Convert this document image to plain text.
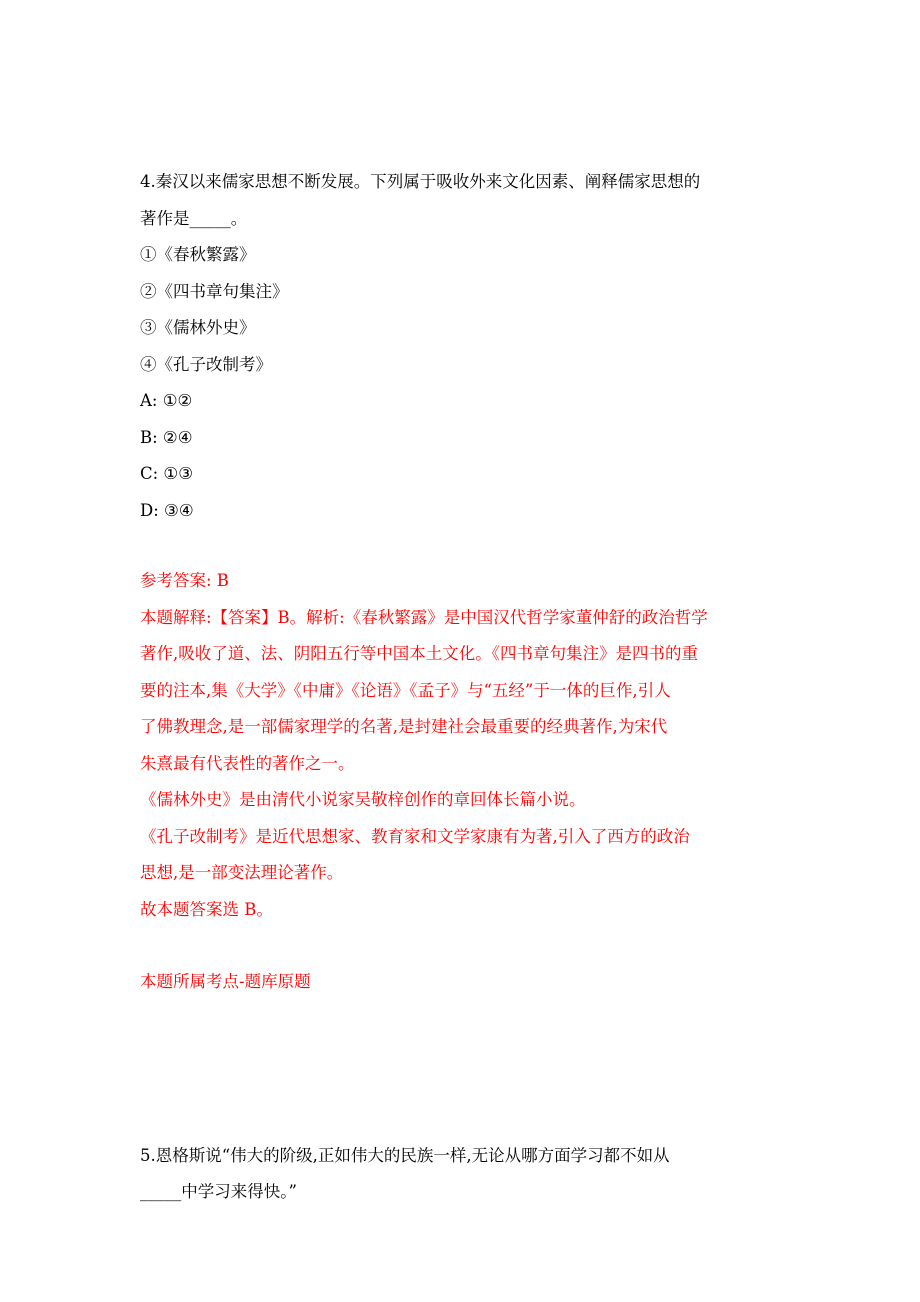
4.秦汉以来儒家思想不断发展。下列属于吸收外来文化因素、阐释儒家思想的

著作是_____。

①《春秋繁露》

②《四书章句集注》

③《儒林外史》

④《孔子改制考》

A: ①②

B: ②④

C: ①③

D: ③④

参考答案: B

本题解释:【答案】B。解析:《春秋繁露》是中国汉代哲学家董仲舒的政治哲学

著作,吸收了道、法、阴阳五行等中国本土文化。《四书章句集注》是四书的重

要的注本,集《大学》《中庸》《论语》《孟子》与“五经”于一体的巨作,引人

了佛教理念,是一部儒家理学的名著,是封建社会最重要的经典著作,为宋代

朱熹最有代表性的著作之一。

《儒林外史》是由清代小说家吴敬梓创作的章回体长篇小说。

《孔子改制考》是近代思想家、教育家和文学家康有为著,引入了西方的政治

思想,是一部变法理论著作。

故本题答案选 B。

本题所属考点-题库原题

5.恩格斯说“伟大的阶级,正如伟大的民族一样,无论从哪方面学习都不如从

_____中学习来得快。”
